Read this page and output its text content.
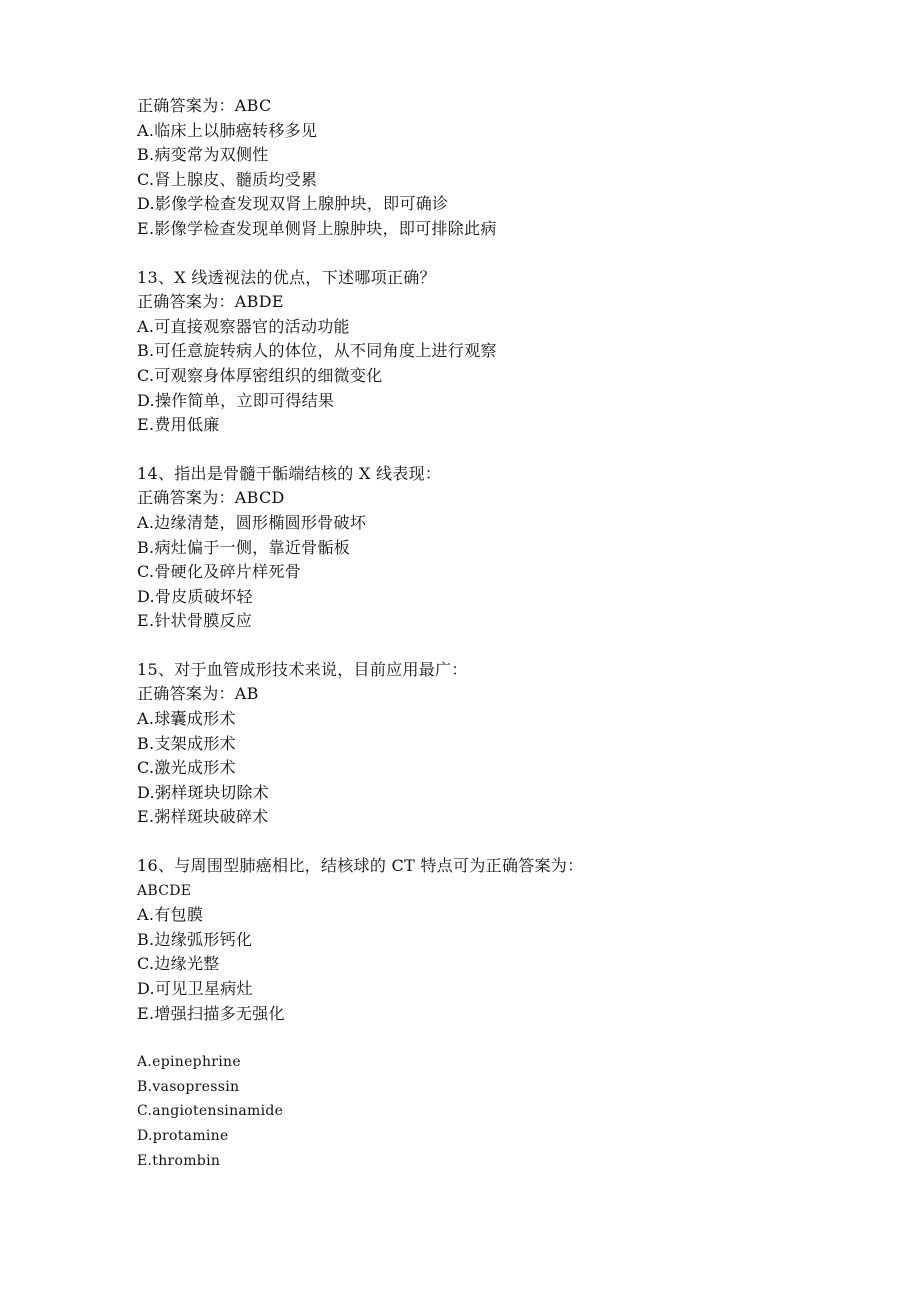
正确答案为：ABC
A.临床上以肺癌转移多见
B.病变常为双侧性
C.肾上腺皮、髓质均受累
D.影像学检查发现双肾上腺肿块，即可确诊
E.影像学检查发现单侧肾上腺肿块，即可排除此病
13、X 线透视法的优点，下述哪项正确？
正确答案为：ABDE
A.可直接观察器官的活动功能
B.可任意旋转病人的体位，从不同角度上进行观察
C.可观察身体厚密组织的细微变化
D.操作简单，立即可得结果
E.费用低廉
14、指出是骨髓干骺端结核的 X 线表现：
正确答案为：ABCD
A.边缘清楚，圆形椭圆形骨破坏
B.病灶偏于一侧，靠近骨骺板
C.骨硬化及碎片样死骨
D.骨皮质破坏轻
E.针状骨膜反应
15、对于血管成形技术来说，目前应用最广：
正确答案为：AB
A.球囊成形术
B.支架成形术
C.激光成形术
D.粥样斑块切除术
E.粥样斑块破碎术
16、与周围型肺癌相比，结核球的 CT 特点可为正确答案为：
ABCDE
A.有包膜
B.边缘弧形钙化
C.边缘光整
D.可见卫星病灶
E.增强扫描多无强化
A.epinephrine
B.vasopressin
C.angiotensinamide
D.protamine
E.thrombin
